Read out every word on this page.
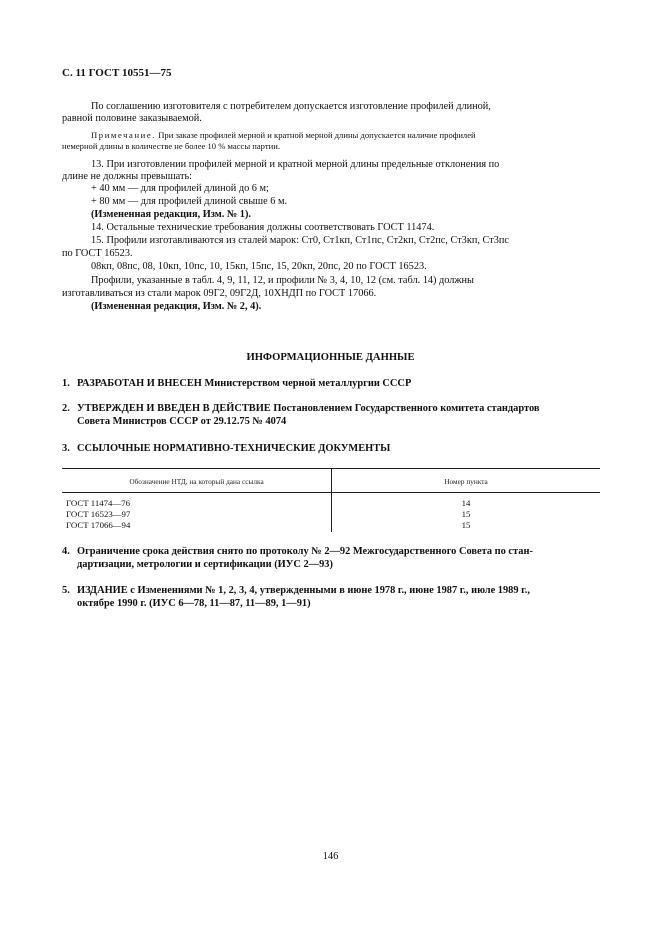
С. 11 ГОСТ 10551—75
По соглашению изготовителя с потребителем допускается изготовление профилей длиной,
равной половине заказываемой.
Примечание. При заказе профилей мерной и кратной мерной длины допускается наличие профилей
немерной длины в количестве не более 10 % массы партии.
13. При изготовлении профилей мерной и кратной мерной длины предельные отклонения по
длине не должны превышать:
+ 40 мм — для профилей длиной до 6 м;
+ 80 мм — для профилей длиной свыше 6 м.
(Измененная редакция, Изм. № 1).
14. Остальные технические требования должны соответствовать ГОСТ 11474.
15. Профили изготавливаются из сталей марок: Ст0, Ст1кп, Ст1пс, Ст2кп, Ст2пс, Ст3кп, Ст3пс
по ГОСТ 16523.
08кп, 08пс, 08, 10кп, 10пс, 10, 15кп, 15пс, 15, 20кп, 20пс, 20 по ГОСТ 16523.
Профили, указанные в табл. 4, 9, 11, 12, и профили № 3, 4, 10, 12 (см. табл. 14) должны
изготавливаться из стали марок 09Г2, 09Г2Д, 10ХНДП по ГОСТ 17066.
(Измененная редакция, Изм. № 2, 4).
ИНФОРМАЦИОННЫЕ ДАННЫЕ
1. РАЗРАБОТАН И ВНЕСЕН Министерством черной металлургии СССР
2. УТВЕРЖДЕН И ВВЕДЕН В ДЕЙСТВИЕ Постановлением Государственного комитета стандартов
Совета Министров СССР от 29.12.75 № 4074
3. ССЫЛОЧНЫЕ НОРМАТИВНО-ТЕХНИЧЕСКИЕ ДОКУМЕНТЫ
Обозначение НТД, на который дана ссылка	Номер пункта
ГОСТ 11474—76	14
ГОСТ 16523—97	15
ГОСТ 17066—94	15
4. Ограничение срока действия снято по протоколу № 2—92 Межгосударственного Совета по стан-
дартизации, метрологии и сертификации (ИУС 2—93)
5. ИЗДАНИЕ с Изменениями № 1, 2, 3, 4, утвержденными в июне 1978 г., июне 1987 г., июле 1989 г.,
октябре 1990 г. (ИУС 6—78, 11—87, 11—89, 1—91)
146
